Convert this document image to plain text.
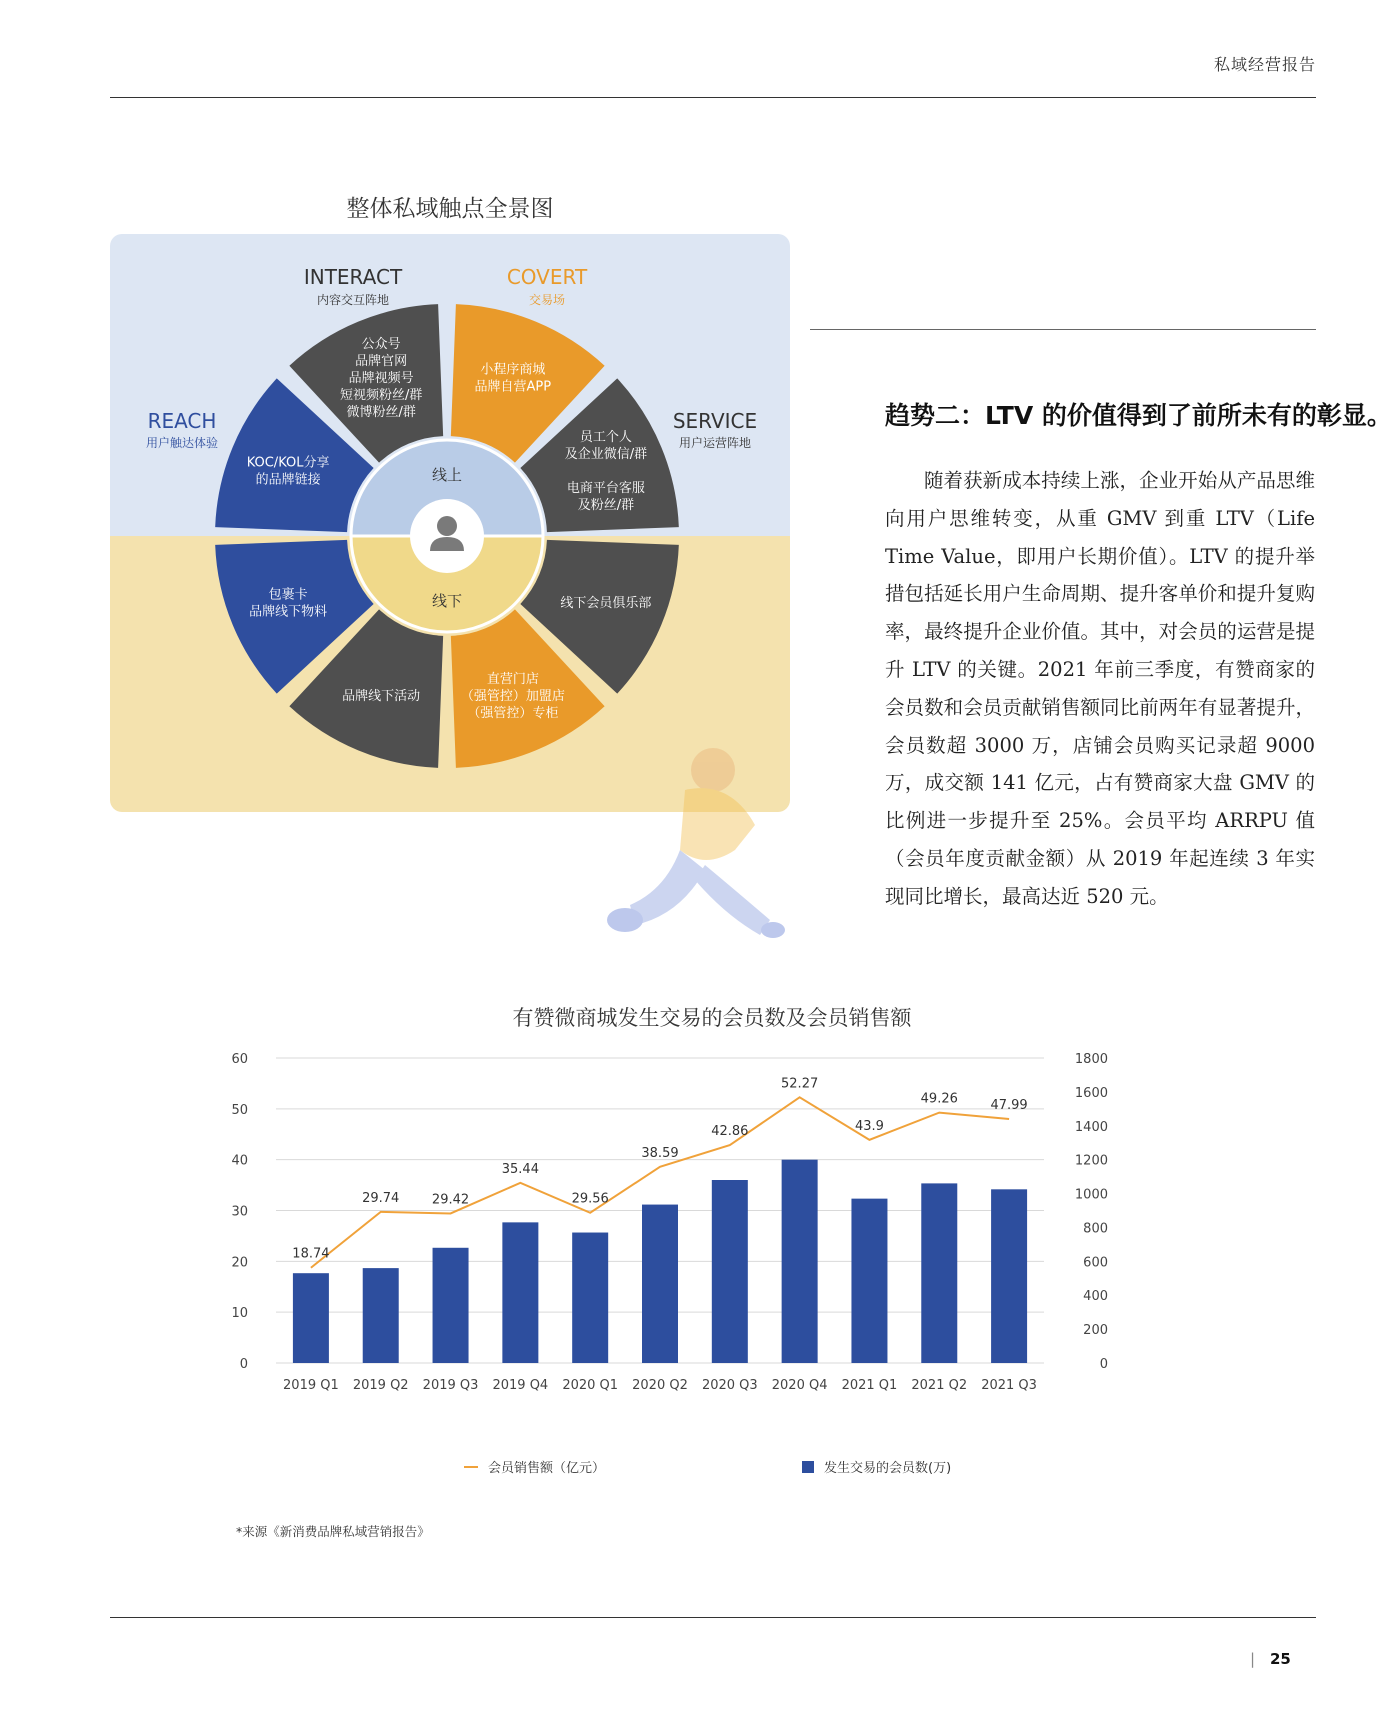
私域经营报告
整体私域触点全景图
线上
线下
INTERACT
内容交互阵地
COVERT
交易场
REACH
用户触达体验
SERVICE
用户运营阵地
小程序商城
品牌自营APP
员工个人
及企业微信/群
电商平台客服
及粉丝/群
线下会员俱乐部
直营门店
（强管控）加盟店
（强管控）专柜
品牌线下活动
包裹卡
品牌线下物料
KOC/KOL分享
的品牌链接
公众号
品牌官网
品牌视频号
短视频粉丝/群
微博粉丝/群	趋势二：LTV 的价值得到了前所未有的彰显。
随着获新成本持续上涨，企业开始从产品思维向用户思维转变，从重 GMV 到重 LTV（Life Time Value，即用户长期价值）。LTV 的提升举措包括延长用户生命周期、提升客单价和提升复购率，最终提升企业价值。其中，对会员的运营是提升 LTV 的关键。2021 年前三季度，有赞商家的会员数和会员贡献销售额同比前两年有显著提升，会员数超 3000 万，店铺会员购买记录超 9000 万，成交额 141 亿元，占有赞商家大盘 GMV 的比例进一步提升至 25%。会员平均 ARRPU 值（会员年度贡献金额）从 2019 年起连续 3 年实现同比增长，最高达近 520 元。
有赞微商城发生交易的会员数及会员销售额
0
10
20
30
40
50
60
0
200
400
600
800
1000
1200
1400
1600
1800
18.74
29.74	29.42
35.44
29.56
38.59
42.86
52.27
43.9
49.26	47.99
2019 Q1 2019 Q2 2019 Q3 2019 Q4 2020 Q1 2020 Q2 2020 Q3 2020 Q4 2021 Q1 2021 Q2 2021 Q3
会员销售额（亿元）	发生交易的会员数(万)
*来源《新消费品牌私域营销报告》
| 25
